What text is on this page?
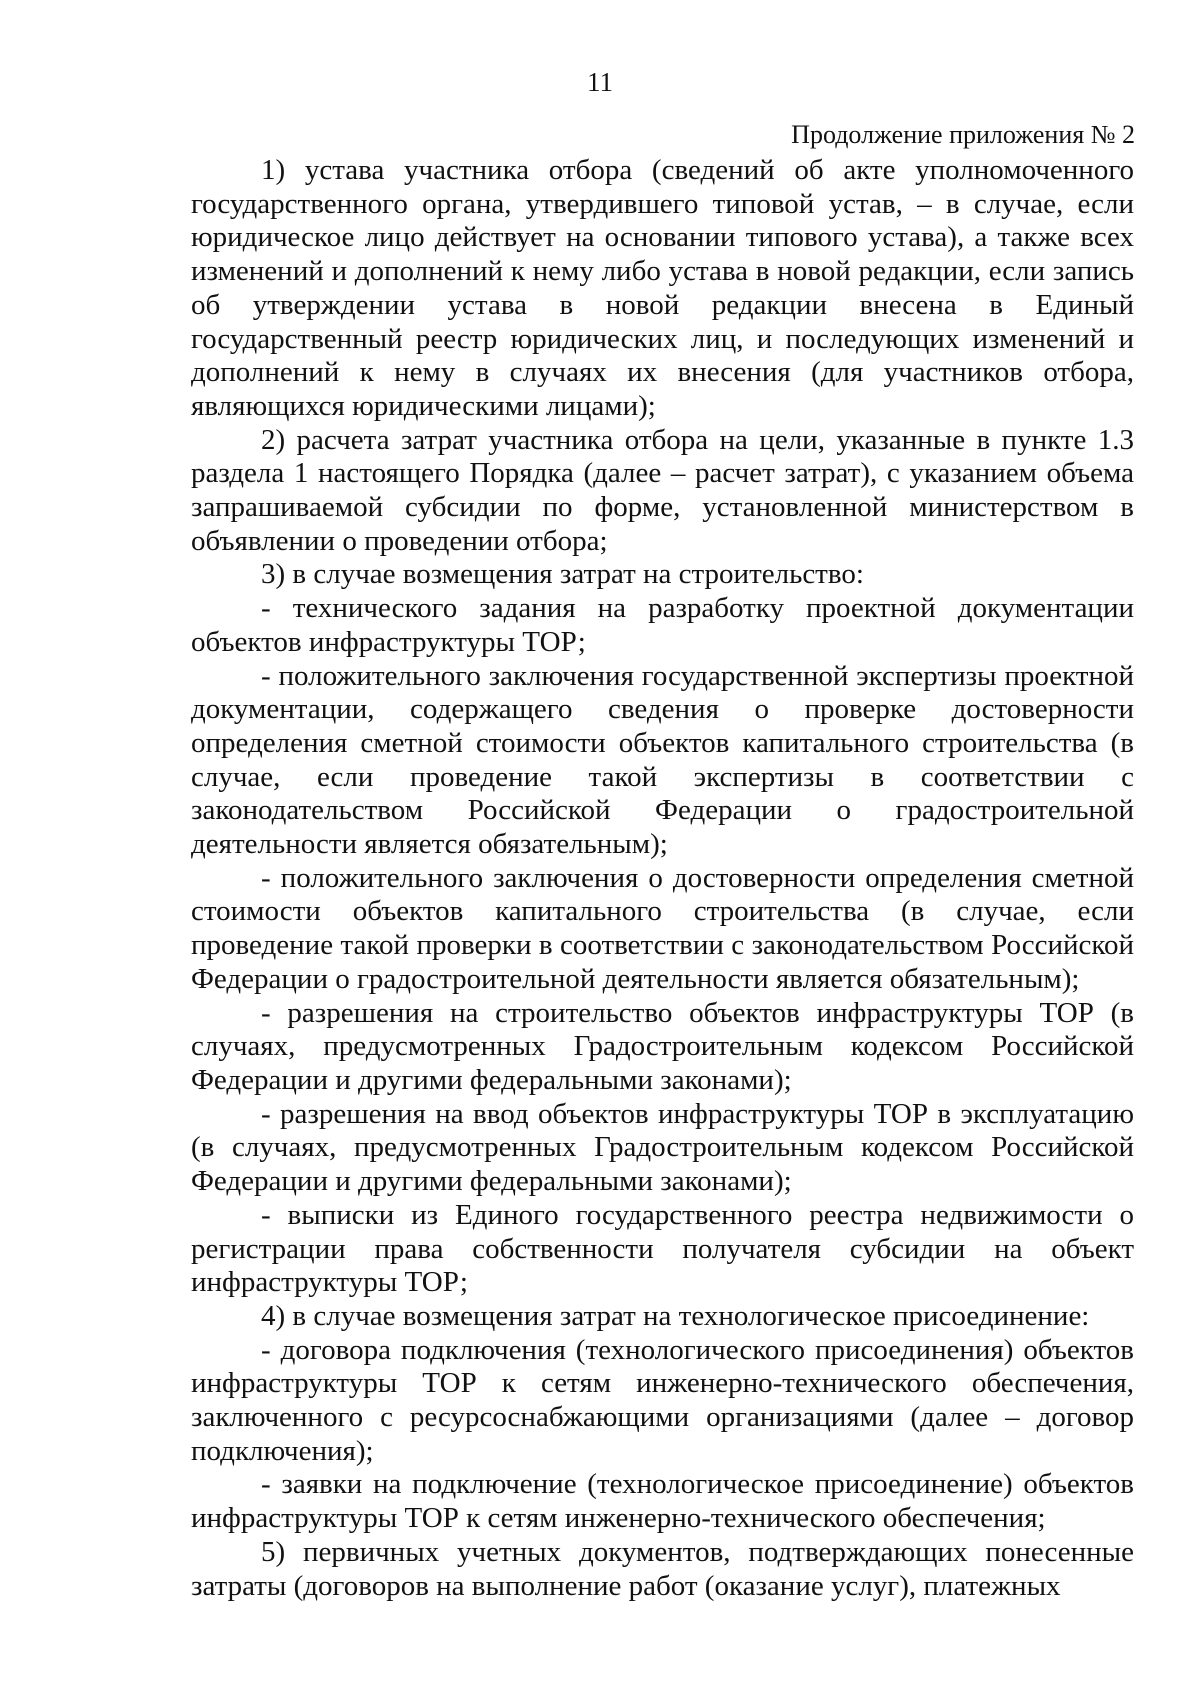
11
Продолжение приложения № 2

1) устава участника отбора (сведений об акте уполномоченного государственного органа, утвердившего типовой устав, – в случае, если юридическое лицо действует на основании типового устава), а также всех изменений и дополнений к нему либо устава в новой редакции, если запись об утверждении устава в новой редакции внесена в Единый государственный реестр юридических лиц, и последующих изменений и дополнений к нему в случаях их внесения (для участников отбора, являющихся юридическими лицами);

2) расчета затрат участника отбора на цели, указанные в пункте 1.3 раздела 1 настоящего Порядка (далее – расчет затрат), с указанием объема запрашиваемой субсидии по форме, установленной министерством в объявлении о проведении отбора;

3) в случае возмещения затрат на строительство:

- технического задания на разработку проектной документации объектов инфраструктуры ТОР;

- положительного заключения государственной экспертизы проектной документации, содержащего сведения о проверке достоверности определения сметной стоимости объектов капитального строительства (в случае, если проведение такой экспертизы в соответствии с законодательством Российской Федерации о градостроительной деятельности является обязательным);

- положительного заключения о достоверности определения сметной стоимости объектов капитального строительства (в случае, если проведение такой проверки в соответствии с законодательством Российской Федерации о градостроительной деятельности является обязательным);

- разрешения на строительство объектов инфраструктуры ТОР (в случаях, предусмотренных Градостроительным кодексом Российской Федерации и другими федеральными законами);

- разрешения на ввод объектов инфраструктуры ТОР в эксплуатацию (в случаях, предусмотренных Градостроительным кодексом Российской Федерации и другими федеральными законами);

- выписки из Единого государственного реестра недвижимости о регистрации права собственности получателя субсидии на объект инфраструктуры ТОР;

4) в случае возмещения затрат на технологическое присоединение:

- договора подключения (технологического присоединения) объектов инфраструктуры ТОР к сетям инженерно-технического обеспечения, заключенного с ресурсоснабжающими организациями (далее – договор подключения);

- заявки на подключение (технологическое присоединение) объектов инфраструктуры ТОР к сетям инженерно-технического обеспечения;

5) первичных учетных документов, подтверждающих понесенные затраты (договоров на выполнение работ (оказание услуг), платежных
